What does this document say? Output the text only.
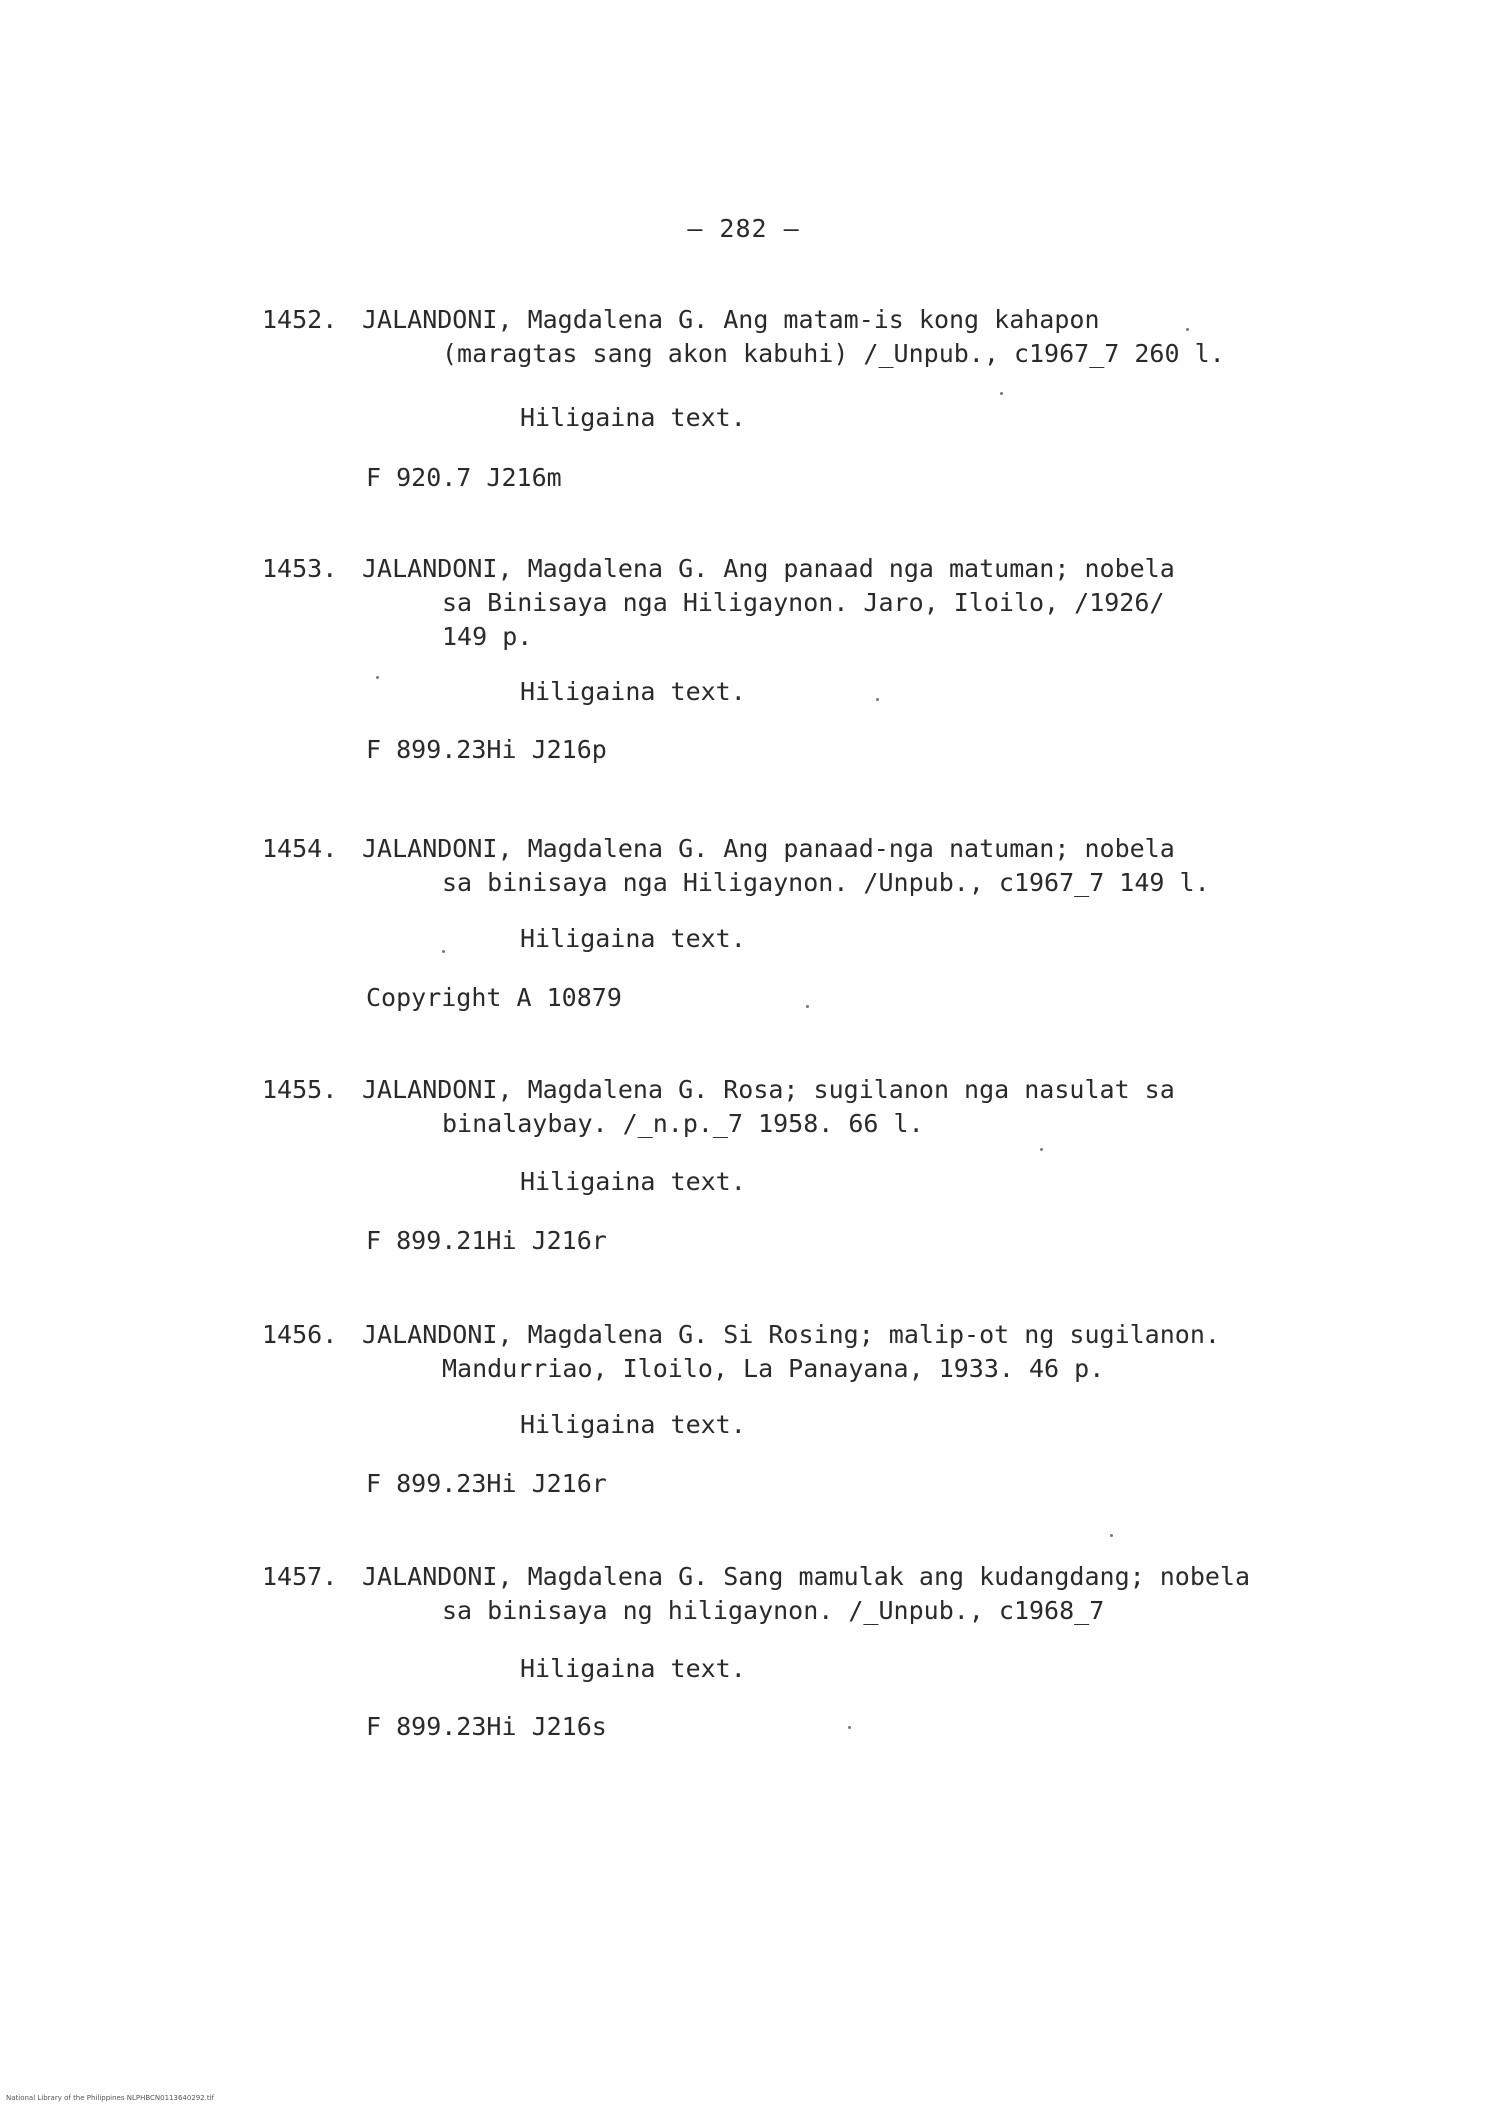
– 282 –
1452. JALANDONI, Magdalena G. Ang matam-is kong kahapon
(maragtas sang akon kabuhi) /_Unpub., c1967_7 260 l.
Hiligaina text.
F 920.7 J216m
1453. JALANDONI, Magdalena G. Ang panaad nga matuman; nobela
sa Binisaya nga Hiligaynon. Jaro, Iloilo, /1926/
149 p.
Hiligaina text.
F 899.23Hi J216p
1454. JALANDONI, Magdalena G. Ang panaad-nga natuman; nobela
sa binisaya nga Hiligaynon. /Unpub., c1967_7 149 l.
Hiligaina text.
Copyright A 10879
1455. JALANDONI, Magdalena G. Rosa; sugilanon nga nasulat sa
binalaybay. /_n.p._7 1958. 66 l.
Hiligaina text.
F 899.21Hi J216r
1456. JALANDONI, Magdalena G. Si Rosing; malip-ot ng sugilanon.
Mandurriao, Iloilo, La Panayana, 1933. 46 p.
Hiligaina text.
F 899.23Hi J216r
1457. JALANDONI, Magdalena G. Sang mamulak ang kudangdang; nobela
sa binisaya ng hiligaynon. /_Unpub., c1968_7
Hiligaina text.
F 899.23Hi J216s
National Library of the Philippines NLPHBCN0113640292.tif
